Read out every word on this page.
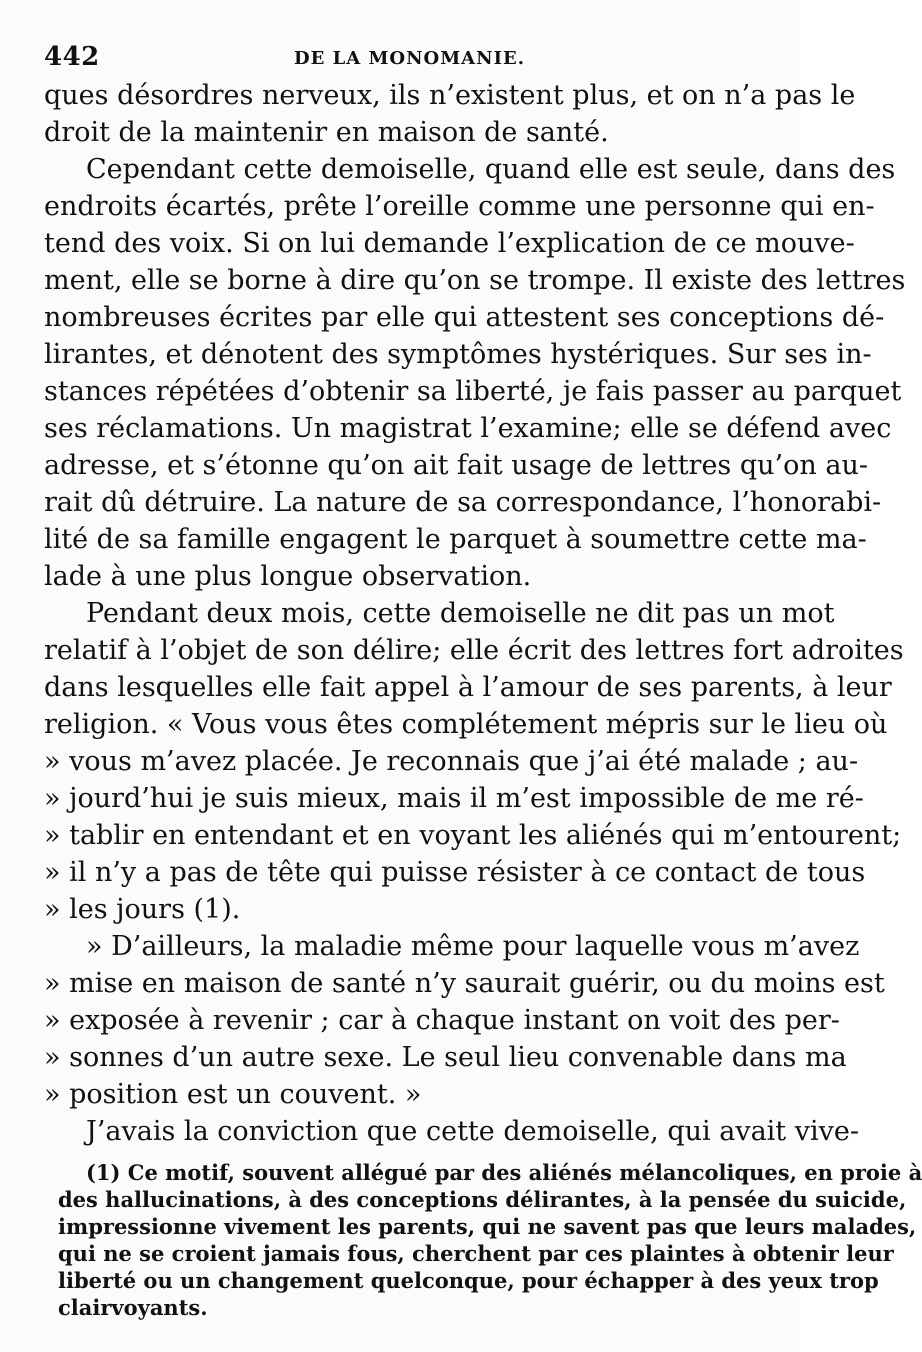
442	DE LA MONOMANIE.
ques désordres nerveux, ils n’existent plus, et on n’a pas le
droit de la maintenir en maison de santé.
Cependant cette demoiselle, quand elle est seule, dans des
endroits écartés, prête l’oreille comme une personne qui en-
tend des voix. Si on lui demande l’explication de ce mouve-
ment, elle se borne à dire qu’on se trompe. Il existe des lettres
nombreuses écrites par elle qui attestent ses conceptions dé-
lirantes, et dénotent des symptômes hystériques. Sur ses in-
stances répétées d’obtenir sa liberté, je fais passer au parquet
ses réclamations. Un magistrat l’examine; elle se défend avec
adresse, et s’étonne qu’on ait fait usage de lettres qu’on au-
rait dû détruire. La nature de sa correspondance, l’honorabi-
lité de sa famille engagent le parquet à soumettre cette ma-
lade à une plus longue observation.
Pendant deux mois, cette demoiselle ne dit pas un mot
relatif à l’objet de son délire; elle écrit des lettres fort adroites
dans lesquelles elle fait appel à l’amour de ses parents, à leur
religion. « Vous vous êtes complétement mépris sur le lieu où
» vous m’avez placée. Je reconnais que j’ai été malade ; au-
» jourd’hui je suis mieux, mais il m’est impossible de me ré-
» tablir en entendant et en voyant les aliénés qui m’entourent;
» il n’y a pas de tête qui puisse résister à ce contact de tous
» les jours (1).
» D’ailleurs, la maladie même pour laquelle vous m’avez
» mise en maison de santé n’y saurait guérir, ou du moins est
» exposée à revenir ; car à chaque instant on voit des per-
» sonnes d’un autre sexe. Le seul lieu convenable dans ma
» position est un couvent. »
J’avais la conviction que cette demoiselle, qui avait vive-
(1) Ce motif, souvent allégué par des aliénés mélancoliques, en proie à
des hallucinations, à des conceptions délirantes, à la pensée du suicide,
impressionne vivement les parents, qui ne savent pas que leurs malades,
qui ne se croient jamais fous, cherchent par ces plaintes à obtenir leur
liberté ou un changement quelconque, pour échapper à des yeux trop
clairvoyants.
